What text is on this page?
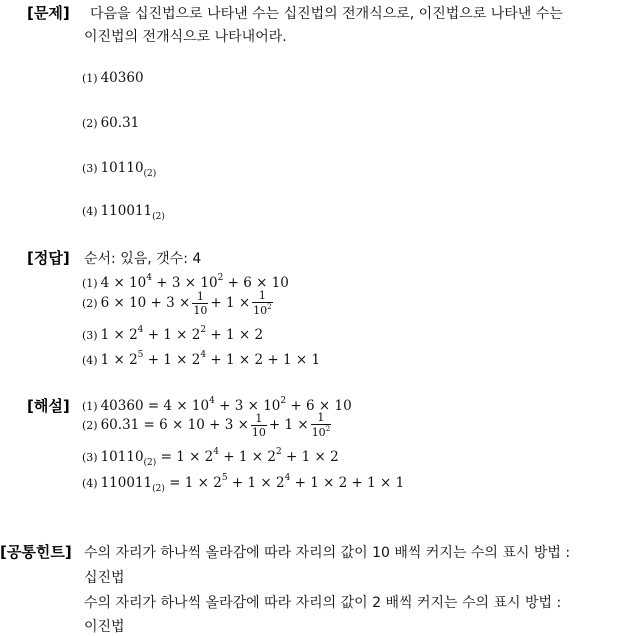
[문제] 다음을 십진법으로 나타낸 수는 십진법의 전개식으로, 이진법으로 나타낸 수는
이진법의 전개식으로 나타내어라.
(1) 40360
(2) 60.31
(3) $10110_{(2)}$
(4) $110011_{(2)}$
[정답] 순서: 있음, 갯수: 4
(1) $4 \times 10^4 + 3 \times 10^2 + 6 \times 10$
(2) $6 \times 10 + 3 \times \frac{1}{10} + 1 \times \frac{1}{10^2}$
(3) $1 \times 2^4 + 1 \times 2^2 + 1 \times 2$
(4) $1 \times 2^5 + 1 \times 2^4 + 1 \times 2 + 1 \times 1$
[해설] (1) $40360 = 4 \times 10^4 + 3 \times 10^2 + 6 \times 10$
(2) $60.31 = 6 \times 10 + 3 \times \frac{1}{10} + 1 \times \frac{1}{10^2}$
(3) $10110_{(2)} = 1 \times 2^4 + 1 \times 2^2 + 1 \times 2$
(4) $110011_{(2)} = 1 \times 2^5 + 1 \times 2^4 + 1 \times 2 + 1 \times 1$
[공통힌트] 수의 자리가 하나씩 올라감에 따라 자리의 값이 10 배씩 커지는 수의 표시 방법 :
십진법
수의 자리가 하나씩 올라감에 따라 자리의 값이 2 배씩 커지는 수의 표시 방법 :
이진법
